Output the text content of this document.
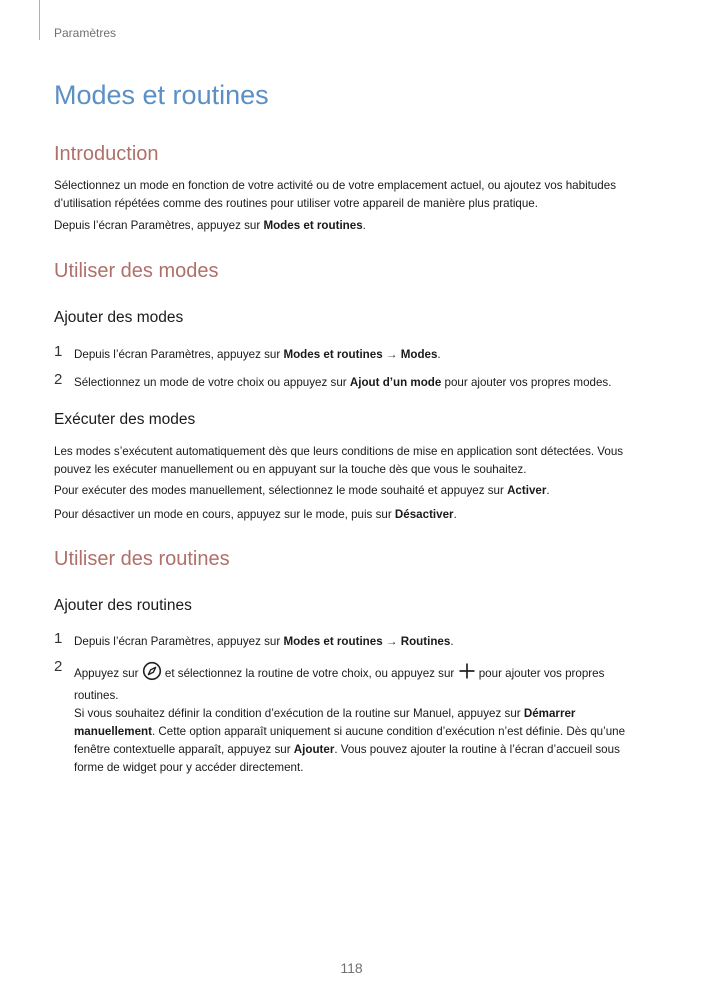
Paramètres
Modes et routines
Introduction

Sélectionnez un mode en fonction de votre activité ou de votre emplacement actuel, ou ajoutez vos habitudes d’utilisation répétées comme des routines pour utiliser votre appareil de manière plus pratique.

Depuis l’écran Paramètres, appuyez sur Modes et routines.

Utiliser des modes
Ajouter des modes
1 Depuis l’écran Paramètres, appuyez sur Modes et routines → Modes.
2 Sélectionnez un mode de votre choix ou appuyez sur Ajout d’un mode pour ajouter vos propres modes.
Exécuter des modes

Les modes s’exécutent automatiquement dès que leurs conditions de mise en application sont détectées. Vous pouvez les exécuter manuellement ou en appuyant sur la touche dès que vous le souhaitez.

Pour exécuter des modes manuellement, sélectionnez le mode souhaité et appuyez sur Activer.

Pour désactiver un mode en cours, appuyez sur le mode, puis sur Désactiver.

Utiliser des routines
Ajouter des routines
1 Depuis l’écran Paramètres, appuyez sur Modes et routines → Routines.
2 Appuyez sur  et sélectionnez la routine de votre choix, ou appuyez sur  pour ajouter vos propres routines.
Si vous souhaitez définir la condition d’exécution de la routine sur Manuel, appuyez sur Démarrer manuellement. Cette option apparaît uniquement si aucune condition d’exécution n’est définie. Dès qu’une fenêtre contextuelle apparaît, appuyez sur Ajouter. Vous pouvez ajouter la routine à l’écran d’accueil sous forme de widget pour y accéder directement.
118
